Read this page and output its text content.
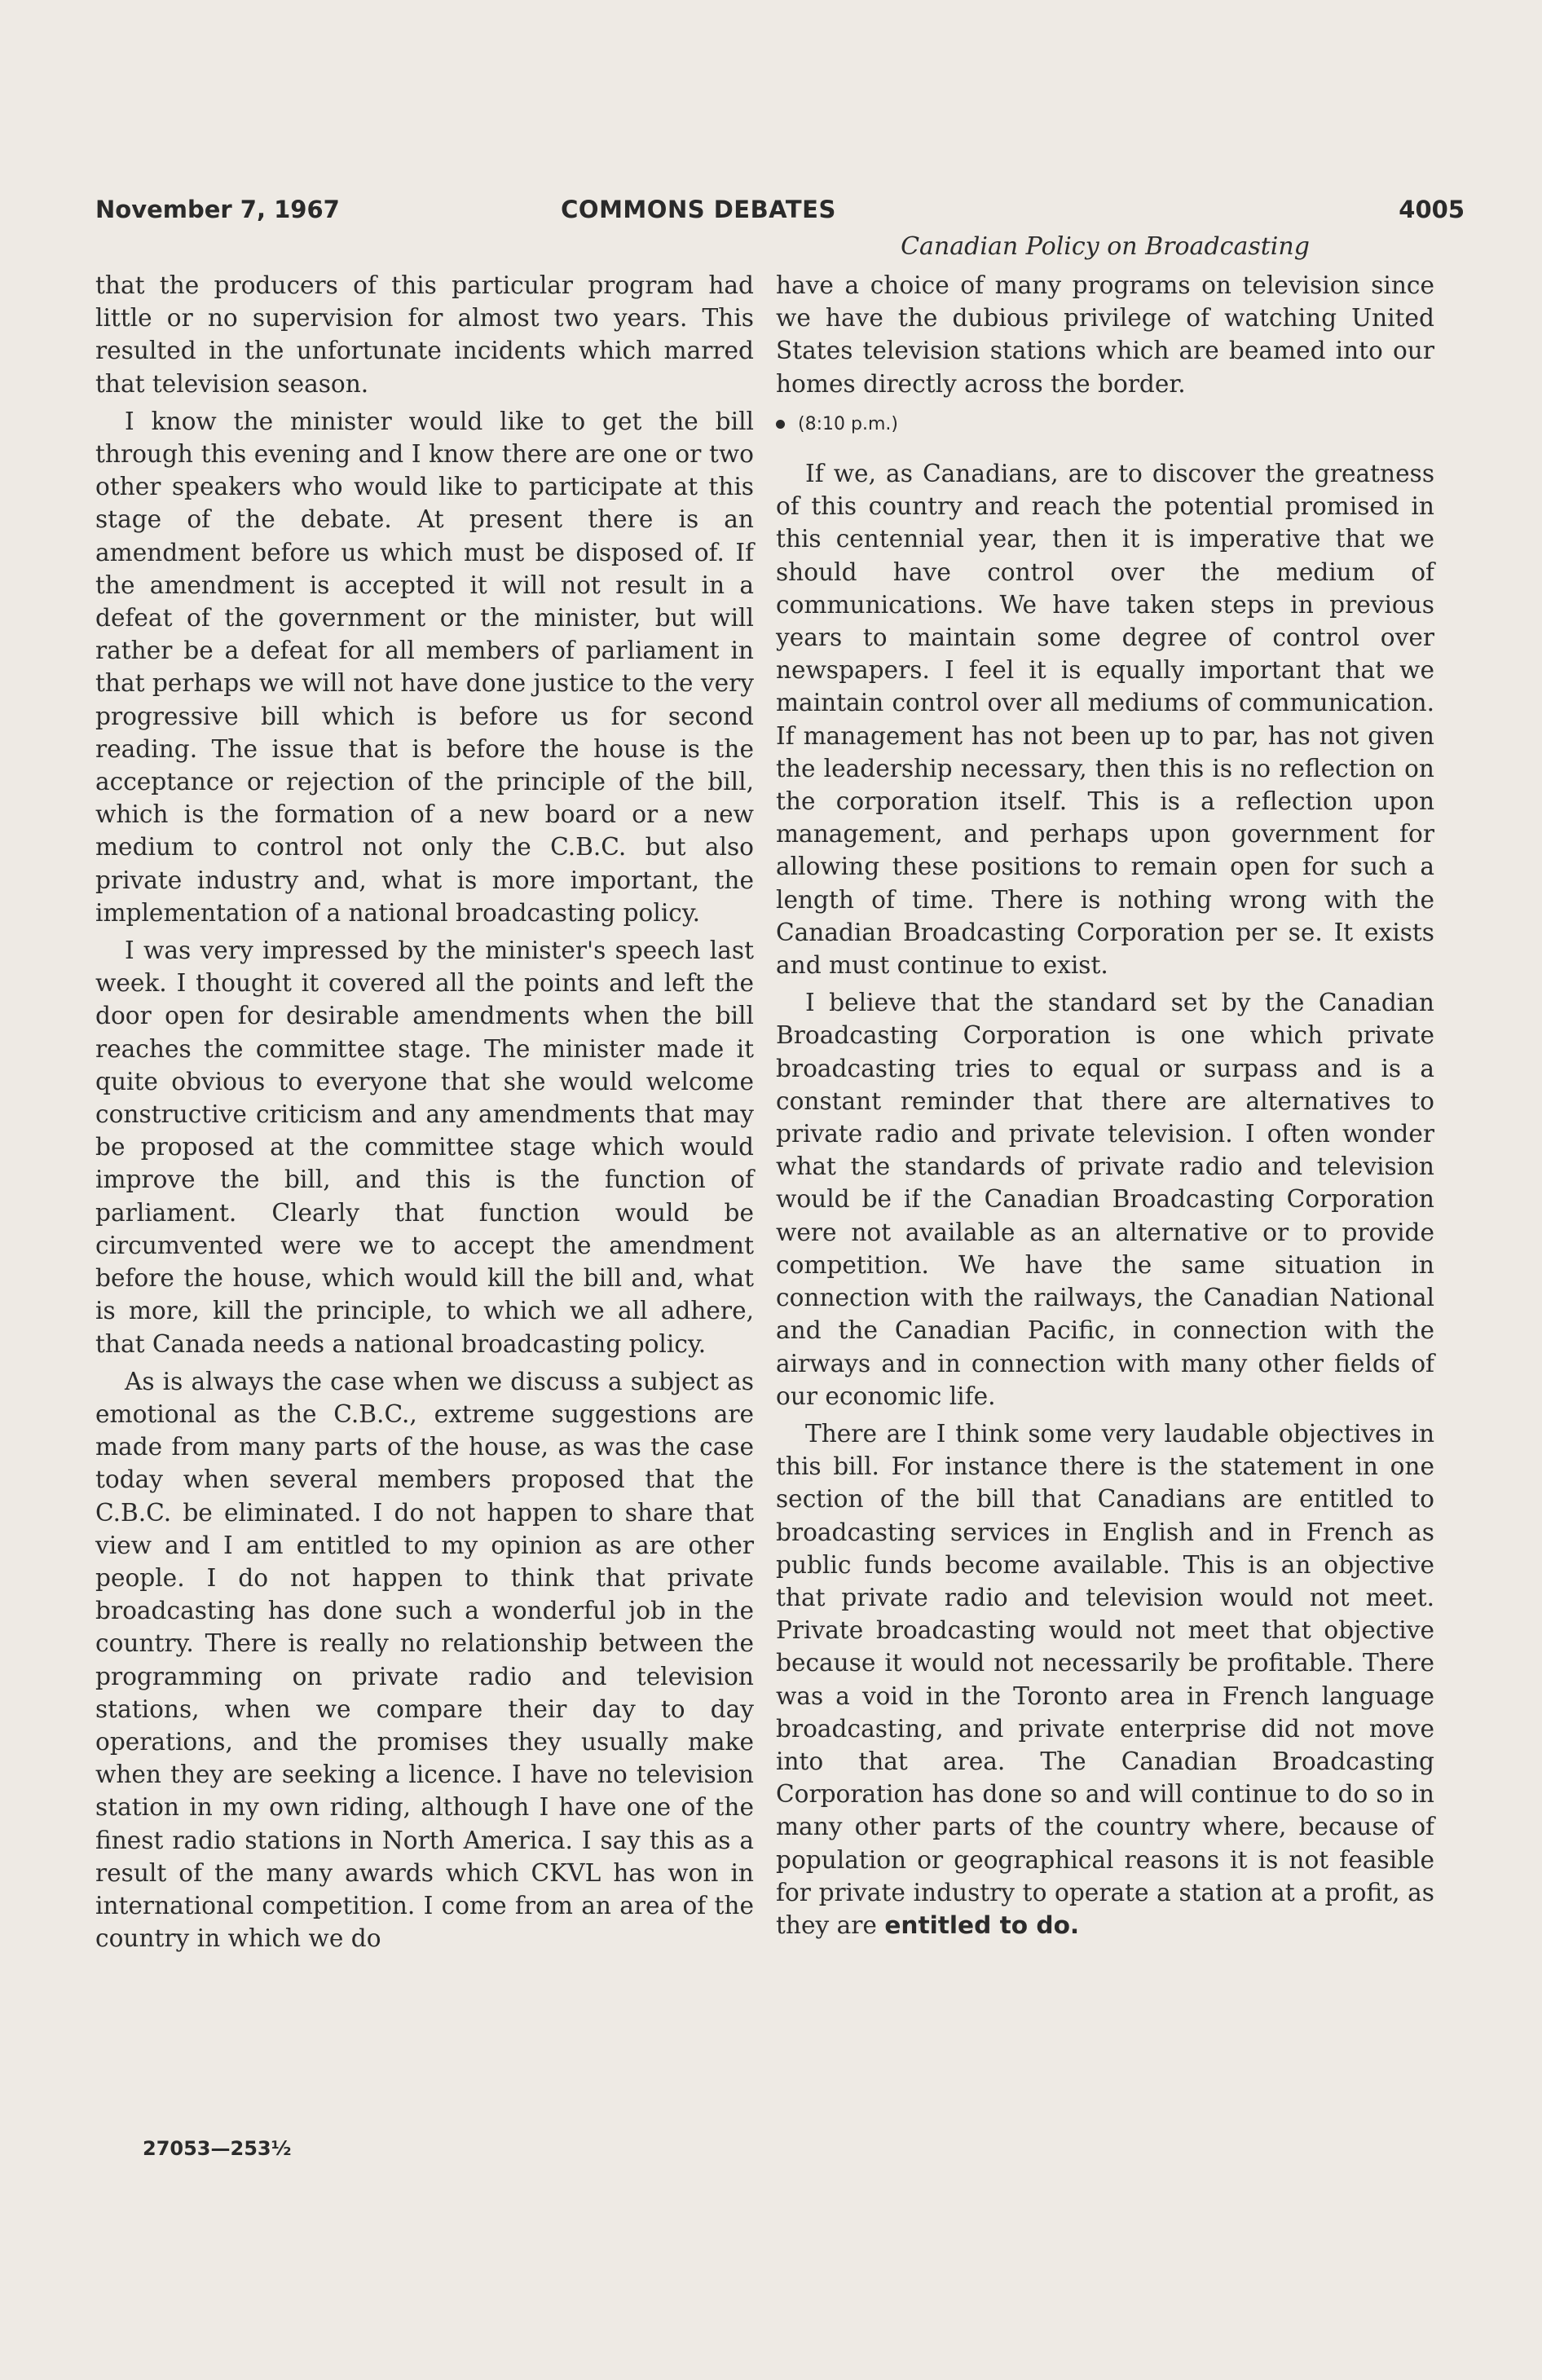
November 7, 1967	COMMONS DEBATES	4005
Canadian Policy on Broadcasting

that the producers of this particular program had little or no supervision for almost two years. This resulted in the unfortunate incidents which marred that television season.

I know the minister would like to get the bill through this evening and I know there are one or two other speakers who would like to participate at this stage of the debate. At present there is an amendment before us which must be disposed of. If the amendment is accepted it will not result in a defeat of the government or the minister, but will rather be a defeat for all members of parliament in that perhaps we will not have done justice to the very progressive bill which is before us for second reading. The issue that is before the house is the acceptance or rejection of the principle of the bill, which is the formation of a new board or a new medium to control not only the C.B.C. but also private industry and, what is more important, the implementation of a national broadcasting policy.

I was very impressed by the minister's speech last week. I thought it covered all the points and left the door open for desirable amendments when the bill reaches the committee stage. The minister made it quite obvious to everyone that she would welcome constructive criticism and any amendments that may be proposed at the committee stage which would improve the bill, and this is the function of parliament. Clearly that function would be circumvented were we to accept the amendment before the house, which would kill the bill and, what is more, kill the principle, to which we all adhere, that Canada needs a national broadcasting policy.

As is always the case when we discuss a subject as emotional as the C.B.C., extreme suggestions are made from many parts of the house, as was the case today when several members proposed that the C.B.C. be eliminated. I do not happen to share that view and I am entitled to my opinion as are other people. I do not happen to think that private broadcasting has done such a wonderful job in the country. There is really no relationship between the programming on private radio and television stations, when we compare their day to day operations, and the promises they usually make when they are seeking a licence. I have no television station in my own riding, although I have one of the finest radio stations in North America. I say this as a result of the many awards which CKVL has won in international competition. I come from an area of the country in which we do

have a choice of many programs on television since we have the dubious privilege of watching United States television stations which are beamed into our homes directly across the border.

(8:10 p.m.)

If we, as Canadians, are to discover the greatness of this country and reach the potential promised in this centennial year, then it is imperative that we should have control over the medium of communications. We have taken steps in previous years to maintain some degree of control over newspapers. I feel it is equally important that we maintain control over all mediums of communication. If management has not been up to par, has not given the leadership necessary, then this is no reflection on the corporation itself. This is a reflection upon management, and perhaps upon government for allowing these positions to remain open for such a length of time. There is nothing wrong with the Canadian Broadcasting Corporation per se. It exists and must continue to exist.

I believe that the standard set by the Canadian Broadcasting Corporation is one which private broadcasting tries to equal or surpass and is a constant reminder that there are alternatives to private radio and private television. I often wonder what the standards of private radio and television would be if the Canadian Broadcasting Corporation were not available as an alternative or to provide competition. We have the same situation in connection with the railways, the Canadian National and the Canadian Pacific, in connection with the airways and in connection with many other fields of our economic life.

There are I think some very laudable objectives in this bill. For instance there is the statement in one section of the bill that Canadians are entitled to broadcasting services in English and in French as public funds become available. This is an objective that private radio and television would not meet. Private broadcasting would not meet that objective because it would not necessarily be profitable. There was a void in the Toronto area in French language broadcasting, and private enterprise did not move into that area. The Canadian Broadcasting Corporation has done so and will continue to do so in many other parts of the country where, because of population or geographical reasons it is not feasible for private industry to operate a station at a profit, as they are entitled to do.

27053—253½
